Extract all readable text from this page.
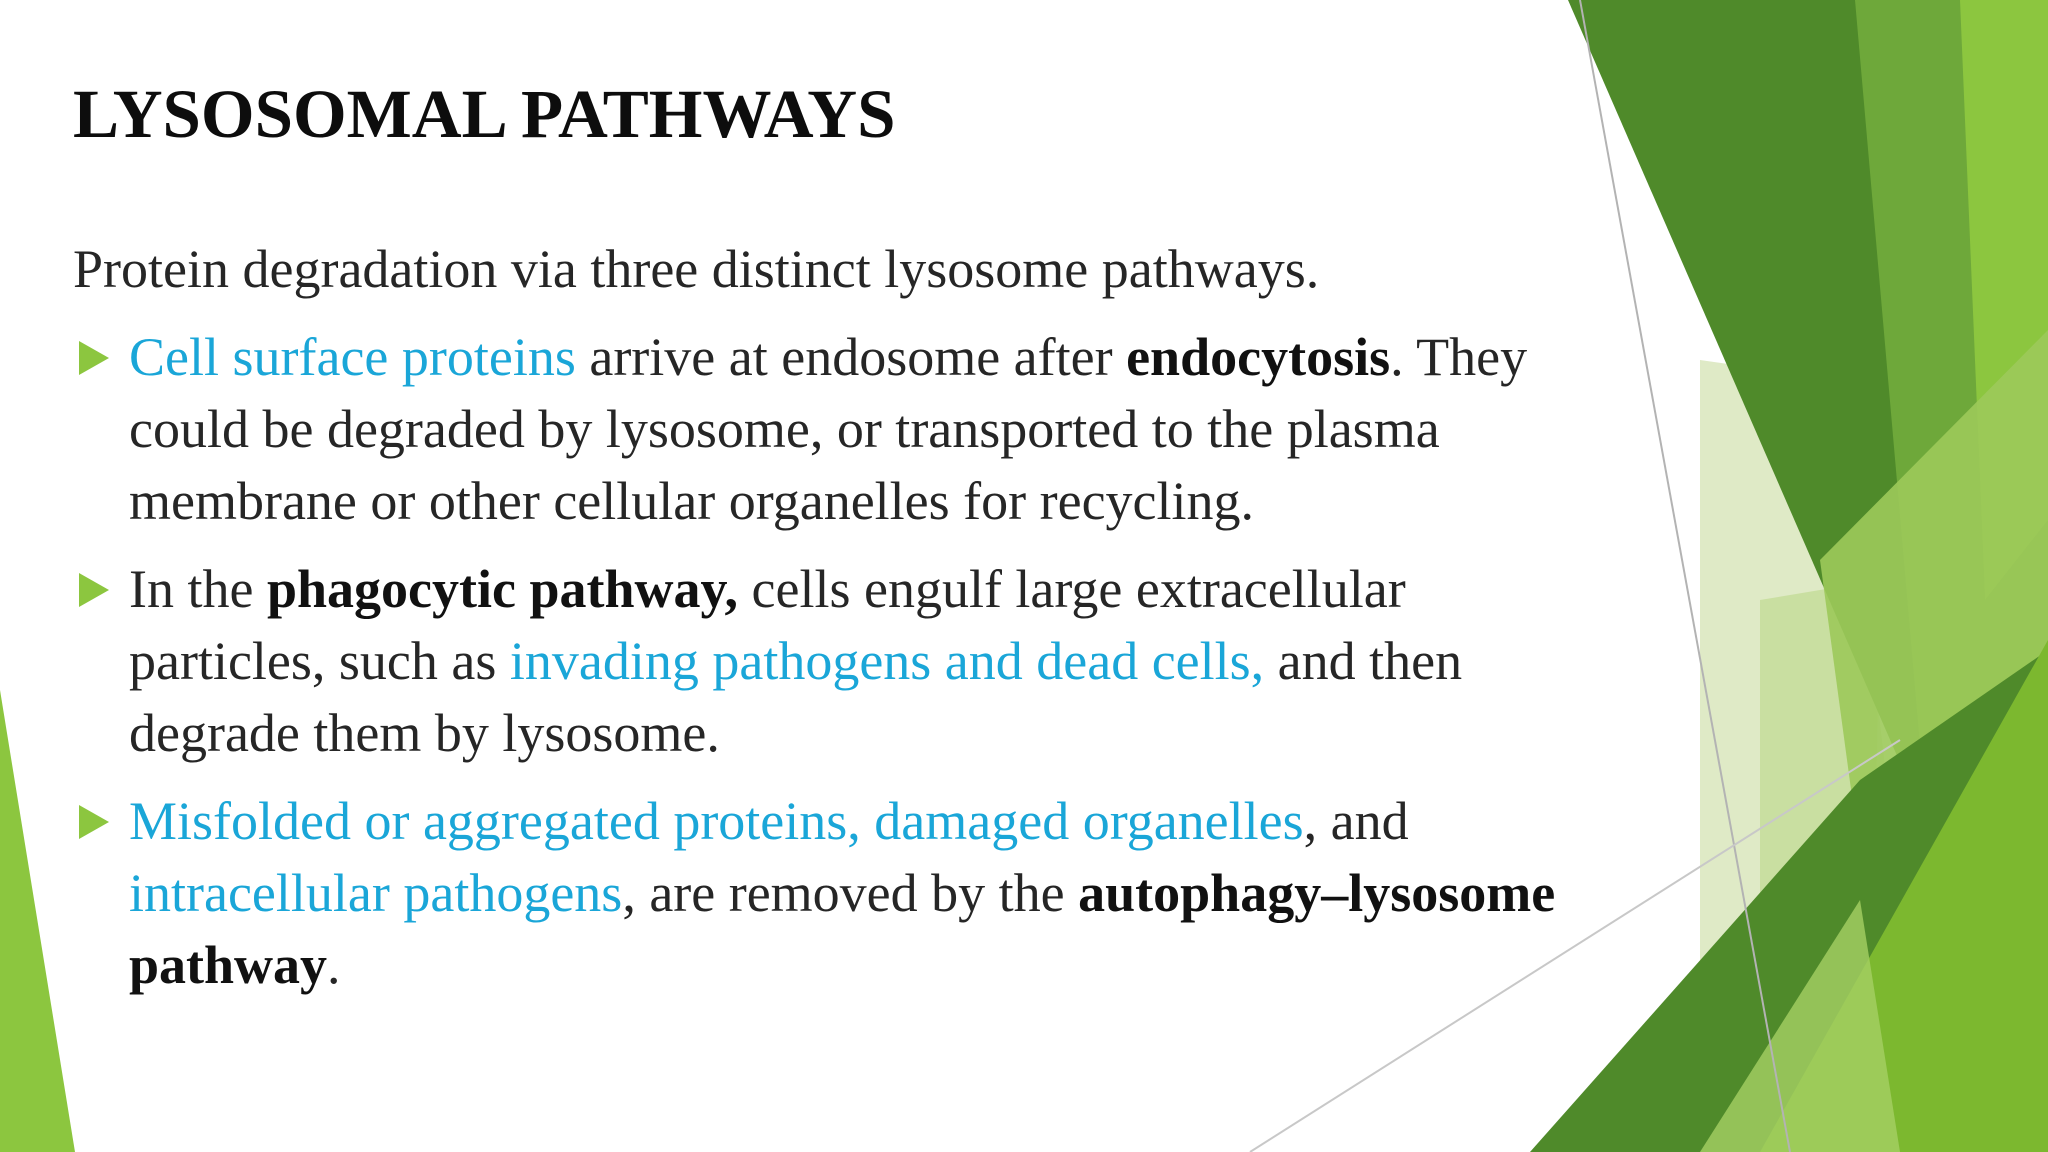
LYSOSOMAL PATHWAYS

Protein degradation via three distinct lysosome pathways.

Cell surface proteins arrive at endosome after endocytosis. They
could be degraded by lysosome, or transported to the plasma
membrane or other cellular organelles for recycling.
In the phagocytic pathway, cells engulf large extracellular
particles, such as invading pathogens and dead cells, and then
degrade them by lysosome.
Misfolded or aggregated proteins, damaged organelles, and
intracellular pathogens, are removed by the autophagy–lysosome
pathway.
